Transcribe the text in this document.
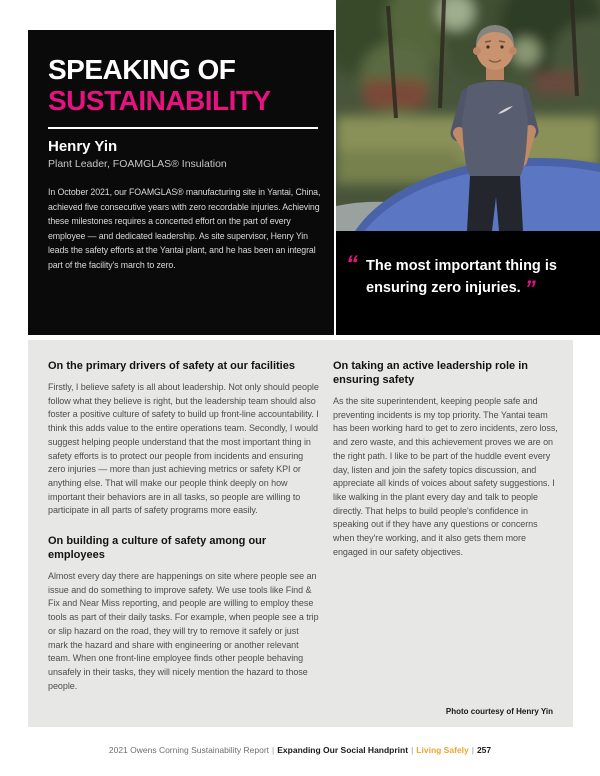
SPEAKING OF
SUSTAINABILITY
Henry Yin
Plant Leader, FOAMGLAS® Insulation

In October 2021, our FOAMGLAS® manufacturing site in Yantai, China, achieved five consecutive years with zero recordable injuries. Achieving these milestones requires a concerted effort on the part of every employee — and dedicated leadership. As site supervisor, Henry Yin leads the safety efforts at the Yantai plant, and he has been an integral part of the facility's march to zero.	“ The most important thing is ensuring zero injuries. ”

On the primary drivers of safety at our facilities

Firstly, I believe safety is all about leadership. Not only should people follow what they believe is right, but the leadership team should also foster a positive culture of safety to build up front-line accountability. I think this adds value to the entire operations team. Secondly, I would suggest helping people understand that the most important thing in safety efforts is to protect our people from incidents and ensuring zero injuries — more than just achieving metrics or safety KPI or anything else. That will make our people think deeply on how important their behaviors are in all tasks, so people are willing to participate in all parts of safety programs more easily.

On building a culture of safety among our employees

Almost every day there are happenings on site where people see an issue and do something to improve safety. We use tools like Find & Fix and Near Miss reporting, and people are willing to employ these tools as part of their daily tasks. For example, when people see a trip or slip hazard on the road, they will try to remove it safely or just mark the hazard and share with engineering or another relevant team. When one front-line employee finds other people behaving unsafely in their tasks, they will nicely mention the hazard to those people.

On taking an active leadership role in ensuring safety

As the site superintendent, keeping people safe and preventing incidents is my top priority. The Yantai team has been working hard to get to zero incidents, zero loss, and zero waste, and this achievement proves we are on the right path. I like to be part of the huddle event every day, listen and join the safety topics discussion, and appreciate all kinds of voices about safety suggestions. I like walking in the plant every day and talk to people directly. That helps to build people's confidence in speaking out if they have any questions or concerns when they're working, and it also gets them more engaged in our safety objectives.

Photo courtesy of Henry Yin
2021 Owens Corning Sustainability Report | Expanding Our Social Handprint | Living Safely | 257
